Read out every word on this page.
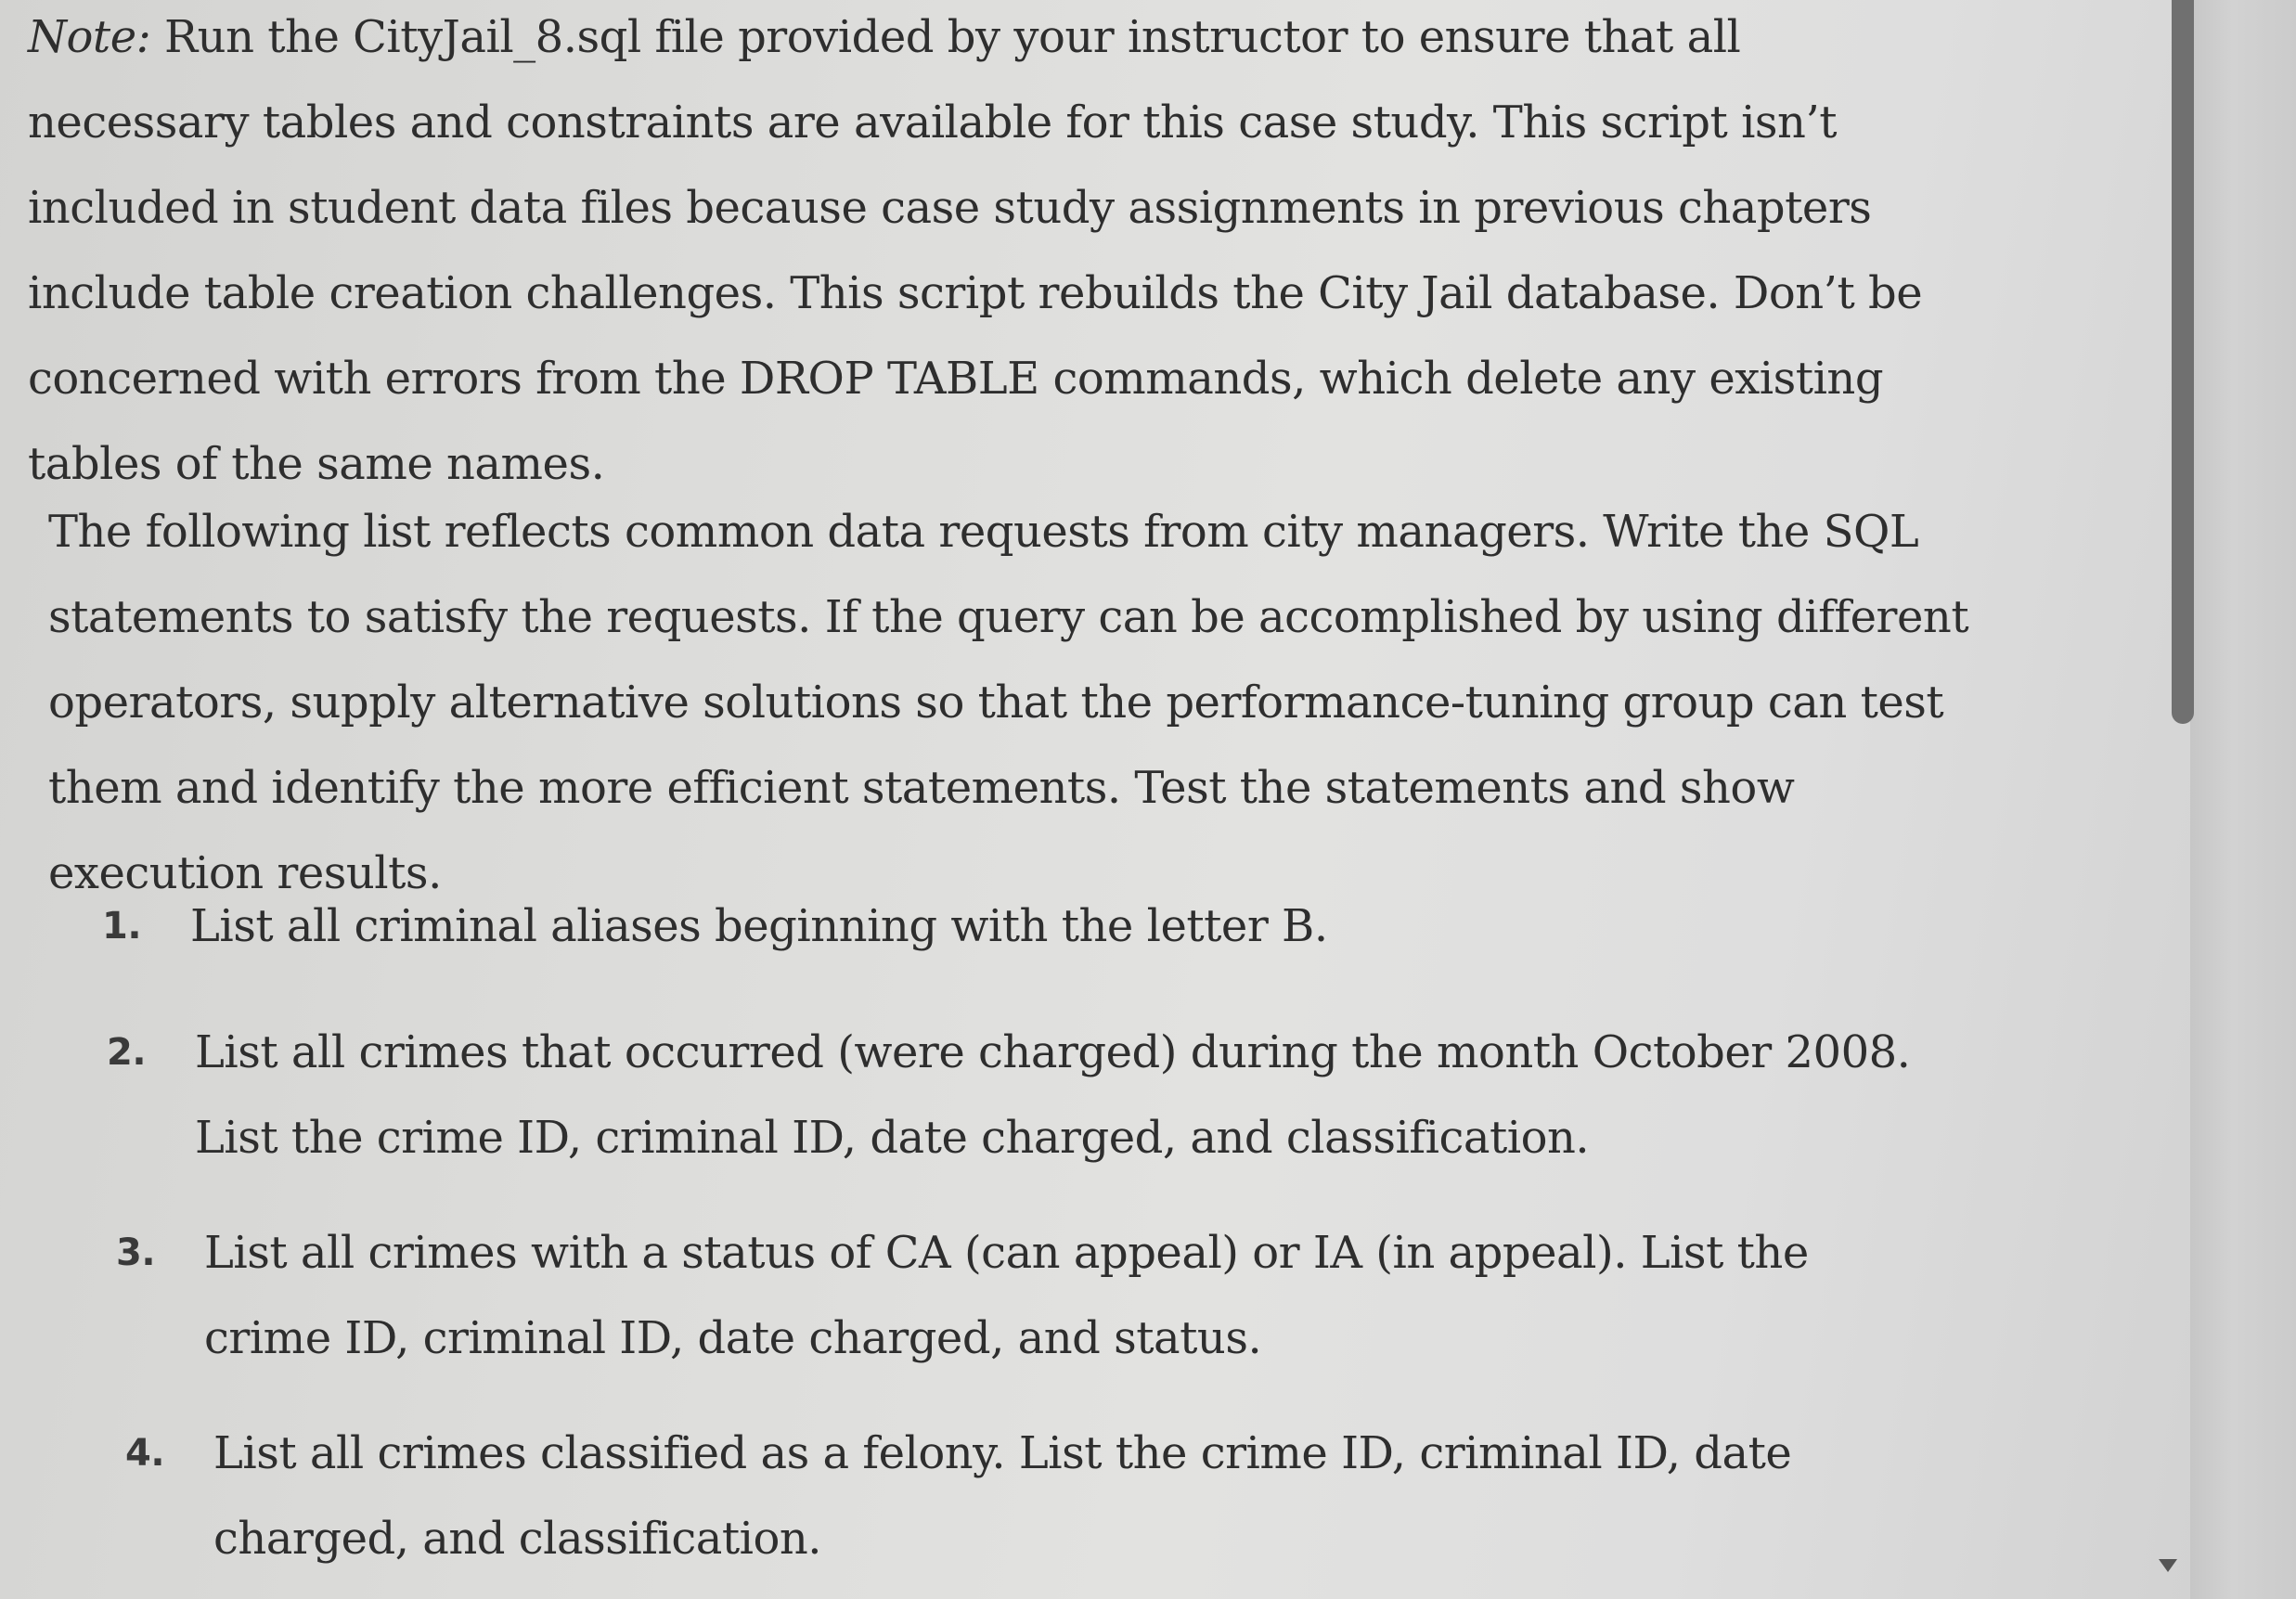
Note: Run the CityJail_8.sql file provided by your instructor to ensure that all necessary tables and constraints are available for this case study. This script isn’t included in student data files because case study assignments in previous chapters include table creation challenges. This script rebuilds the City Jail database. Don’t be concerned with errors from the DROP TABLE commands, which delete any existing tables of the same names.
The following list reflects common data requests from city managers. Write the SQL statements to satisfy the requests. If the query can be accomplished by using different operators, supply alternative solutions so that the performance-tuning group can test them and identify the more efficient statements. Test the statements and show execution results.
1. List all criminal aliases beginning with the letter B.
2. List all crimes that occurred (were charged) during the month October 2008. List the crime ID, criminal ID, date charged, and classification.
3. List all crimes with a status of CA (can appeal) or IA (in appeal). List the crime ID, criminal ID, date charged, and status.
4. List all crimes classified as a felony. List the crime ID, criminal ID, date charged, and classification.
